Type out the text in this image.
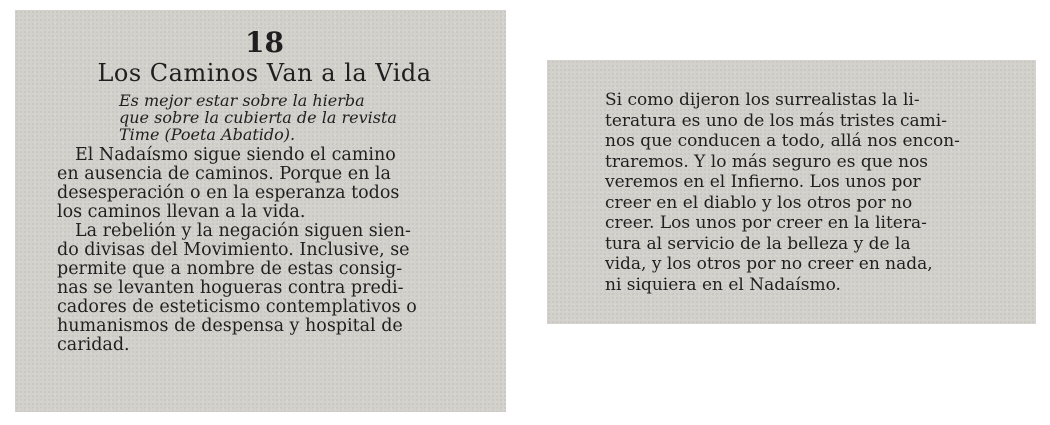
18
Los Caminos Van a la Vida
Es mejor estar sobre la hierba
que sobre la cubierta de la revista
Time (Poeta Abatido).

El Nadaísmo sigue siendo el camino
en ausencia de caminos. Porque en la
desesperación o en la esperanza todos
los caminos llevan a la vida.

La rebelión y la negación siguen sien-
do divisas del Movimiento. Inclusive, se
permite que a nombre de estas consig-
nas se levanten hogueras contra predi-
cadores de esteticismo contemplativos o
humanismos de despensa y hospital de
caridad.

Si como dijeron los surrealistas la li-
teratura es uno de los más tristes cami-
nos que conducen a todo, allá nos encon-
traremos. Y lo más seguro es que nos
veremos en el Infierno. Los unos por
creer en el diablo y los otros por no
creer. Los unos por creer en la litera-
tura al servicio de la belleza y de la
vida, y los otros por no creer en nada,
ni siquiera en el Nadaísmo.
